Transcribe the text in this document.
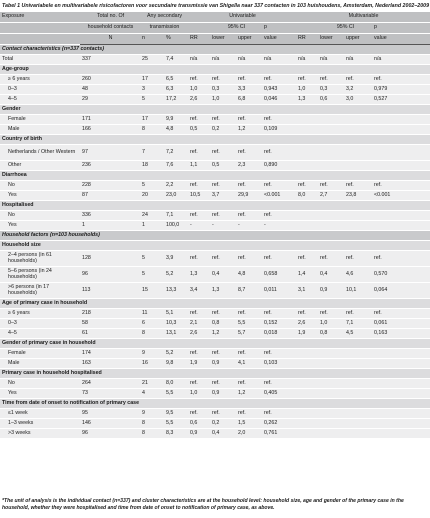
Tabel 1 Univariabele en multivariabele risicofactoren voor secundaire transmissie van Shigella naar 337 contacten in 103 huishoudens, Amsterdam, Nederland 2002–2009
Exposure	Total no. Of	Any secondary		Univariable				Multivariable			
	household contacts	transmission			95% CI		p		95% CI		p
	N	n	%	RR	lower	upper	value	RR	lower	upper	value
Contact characteristics (n=337 contacts)											
Total	337	25	7,4	n/a	n/a	n/a	n/a	n/a	n/a	n/a	n/a
Age-group											
≥ 6 years	260	17	6,5	ref.	ref.	ref.	ref.	ref.	ref.	ref.	ref.
0–3	48	3	6,3	1,0	0,3	3,3	0,943	1,0	0,3	3,2	0,979
4–5	29	5	17,2	2,6	1,0	6,8	0,046	1,3	0,6	3,0	0,527
Gender											
Female	171	17	9,9	ref.	ref.	ref.	ref.				
Male	166	8	4,8	0,5	0,2	1,2	0,109				
Country of birth											
Netherlands / Other Western	97	7	7,2	ref.	ref.	ref.	ref.				
Other	236	18	7,6	1,1	0,5	2,3	0,890				
Diarrhoea											
No	228	5	2,2	ref.	ref.	ref.	ref.	ref.	ref.	ref.	ref.
Yes	87	20	23,0	10,5	3,7	29,9	<0.001	8,0	2,7	23,8	<0.001
Hospitalised											
No	336	24	7,1	ref.	ref.	ref.	ref.				
Yes	1	1	100,0	-	-	-	-				
Household factors (n=103 households)											
Household size											
2–4 persons (in 61 households)	128	5	3,9	ref.	ref.	ref.	ref.	ref.	ref.	ref.	ref.
5–6 persons (in 24 households)	96	5	5,2	1,3	0,4	4,8	0,658	1,4	0,4	4,6	0,570
>6 persons (in 17 households)	113	15	13,3	3,4	1,3	8,7	0,011	3,1	0,9	10,1	0,064
Age of primary case in household											
≥ 6 years	218	11	5,1	ref.	ref.	ref.	ref.	ref.	ref.	ref.	ref.
0–3	58	6	10,3	2,1	0,8	5,5	0,152	2,6	1,0	7,1	0,061
4–5	61	8	13,1	2,6	1,2	5,7	0,018	1,9	0,8	4,5	0,163
Gender of primary case in household											
Female	174	9	5,2	ref.	ref.	ref.	ref.				
Male	163	16	9,8	1,9	0,9	4,1	0,103				
Primary case in household hospitalised											
No	264	21	8,0	ref.	ref.	ref.	ref.				
Yes	73	4	5,5	1,0	0,9	1,2	0,405				
Time from date of onset to notification of primary case											
≤1 week	95	9	9,5	ref.	ref.	ref.	ref.				
1–3 weeks	146	8	5,5	0,6	0,2	1,5	0,262				
>3 weeks	96	8	8,3	0,9	0,4	2,0	0,761				
*The unit of analysis is the individual contact (n=337) and cluster characteristics are at the household level: household size, age and gender of the primary case in the household, whether they were hospitalised and time from date of onset to notification of primary case, as above.
